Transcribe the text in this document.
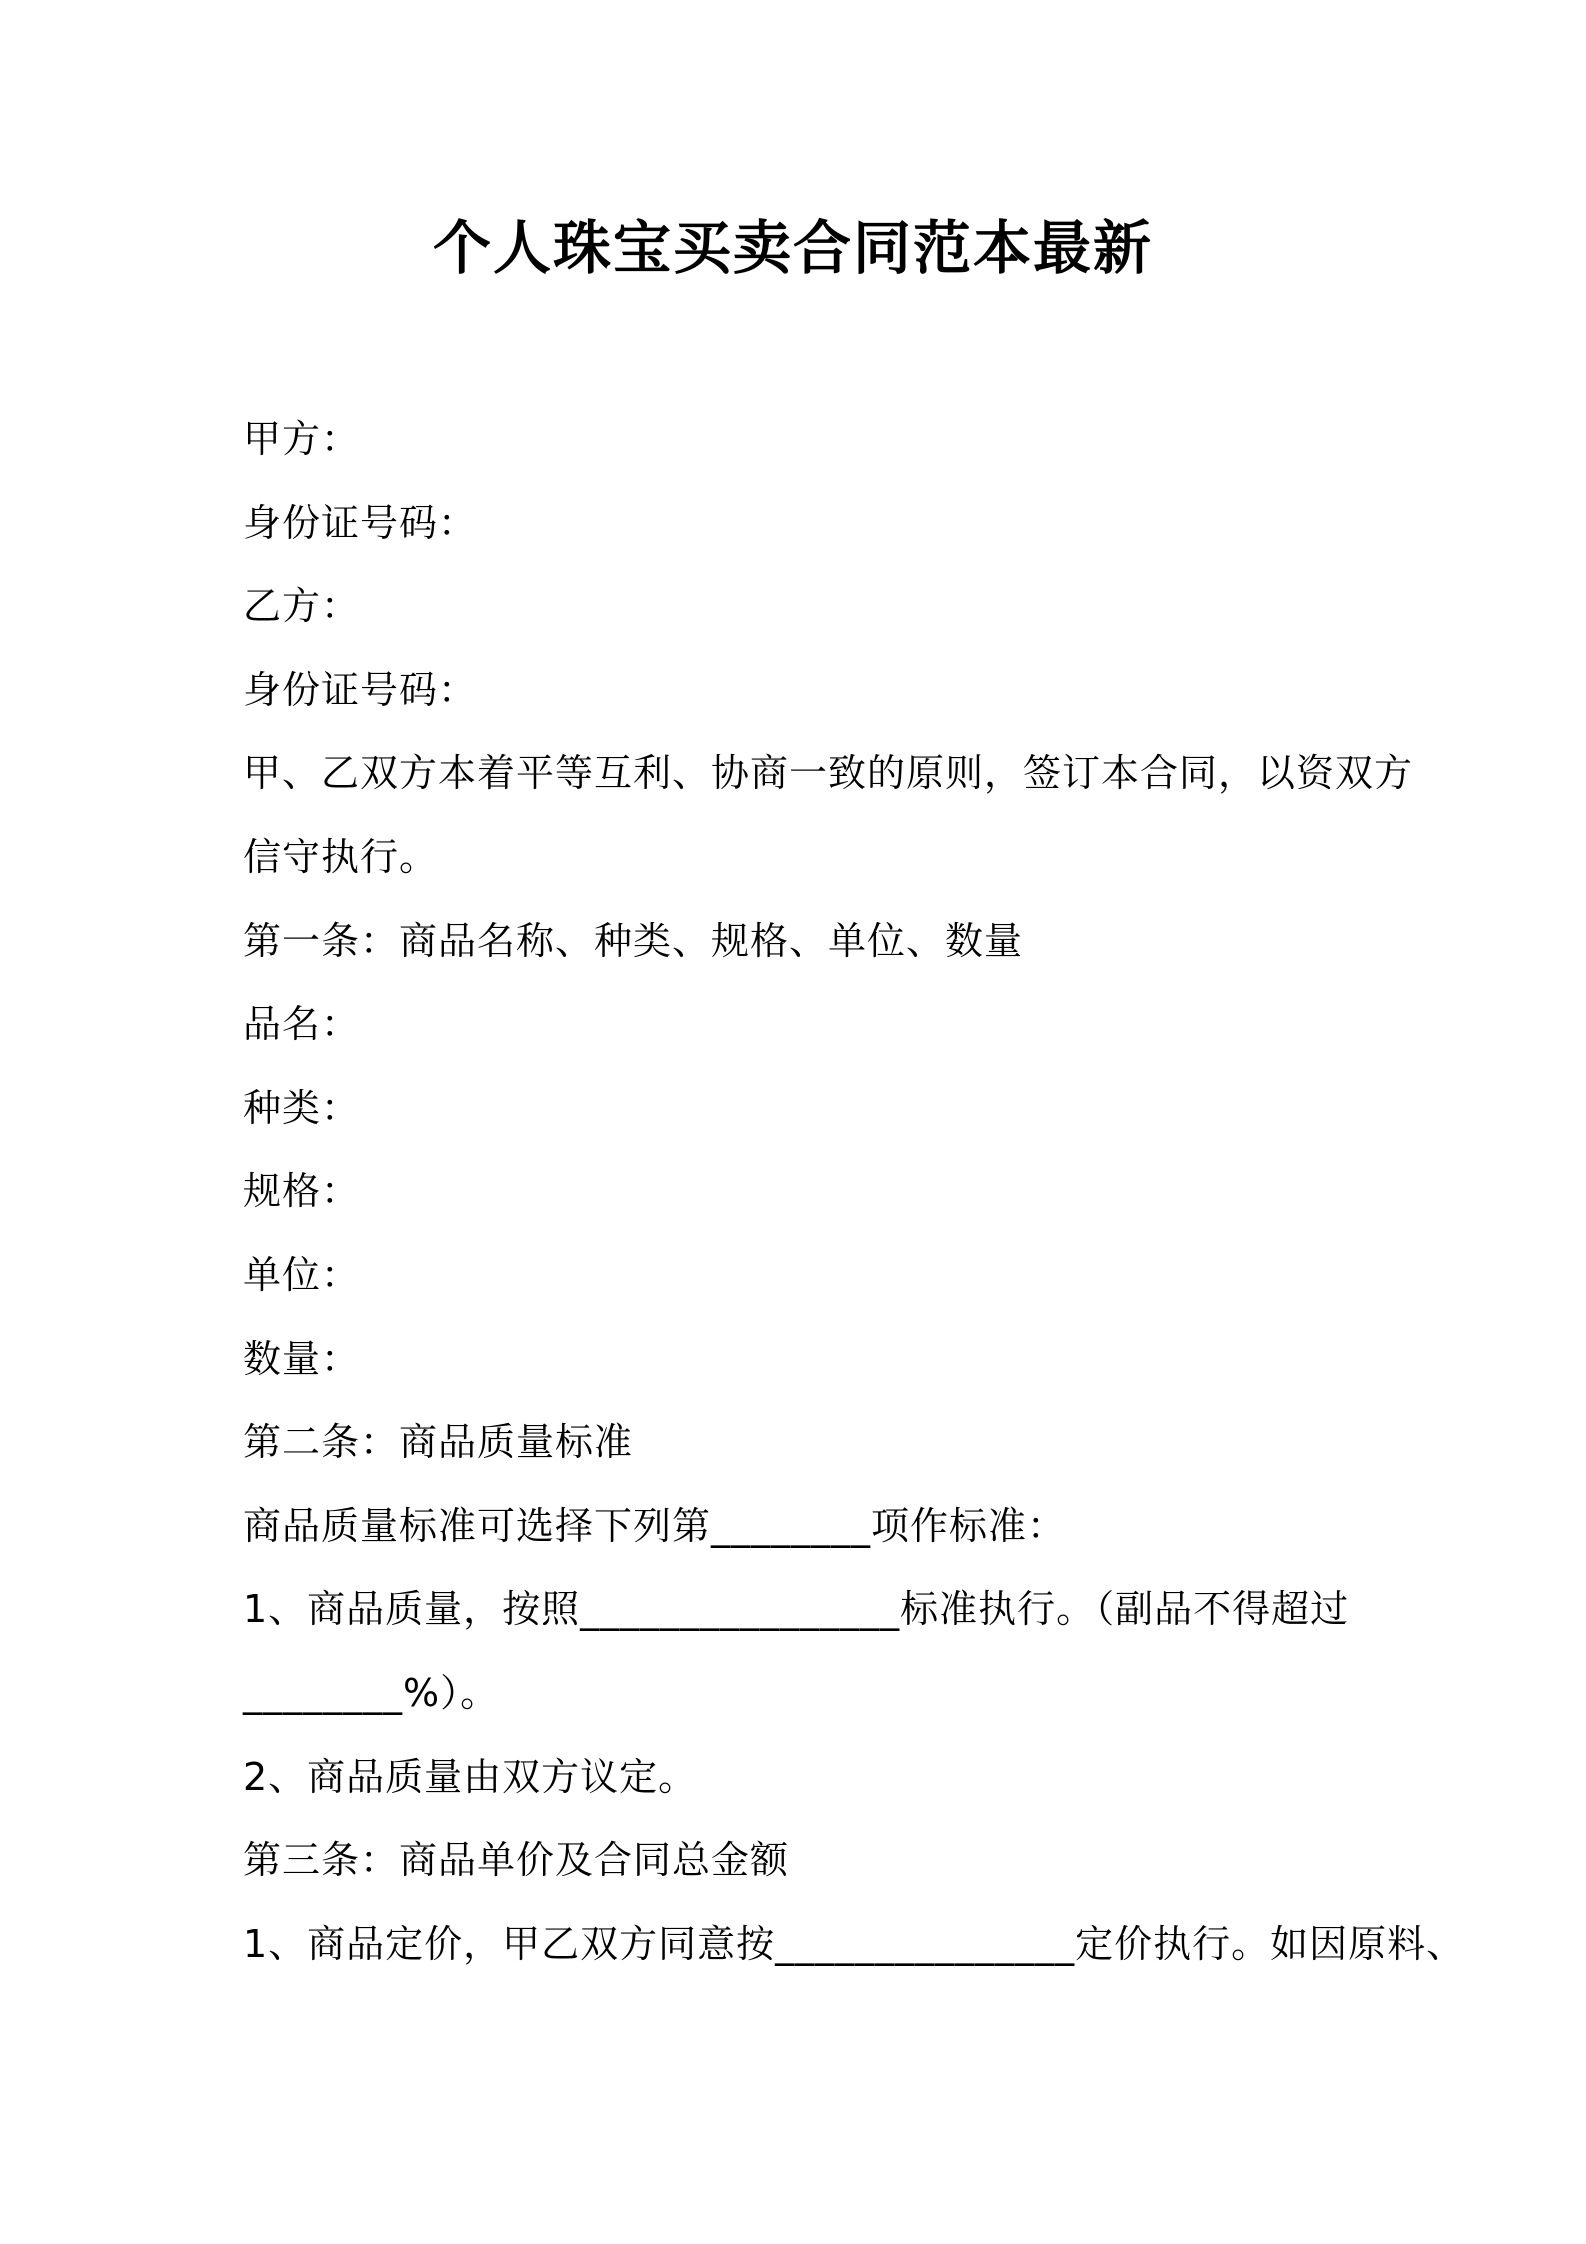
个人珠宝买卖合同范本最新
甲方：
身份证号码：
乙方：
身份证号码：
甲、乙双方本着平等互利、协商一致的原则，签订本合同，以资双方
信守执行。
第一条：商品名称、种类、规格、单位、数量
品名：
种类：
规格：
单位：
数量：
第二条：商品质量标准
商品质量标准可选择下列第________项作标准：
1、商品质量，按照________________标准执行。（副品不得超过
________%）。
2、商品质量由双方议定。
第三条：商品单价及合同总金额
1、商品定价，甲乙双方同意按_______________定价执行。如因原料、
